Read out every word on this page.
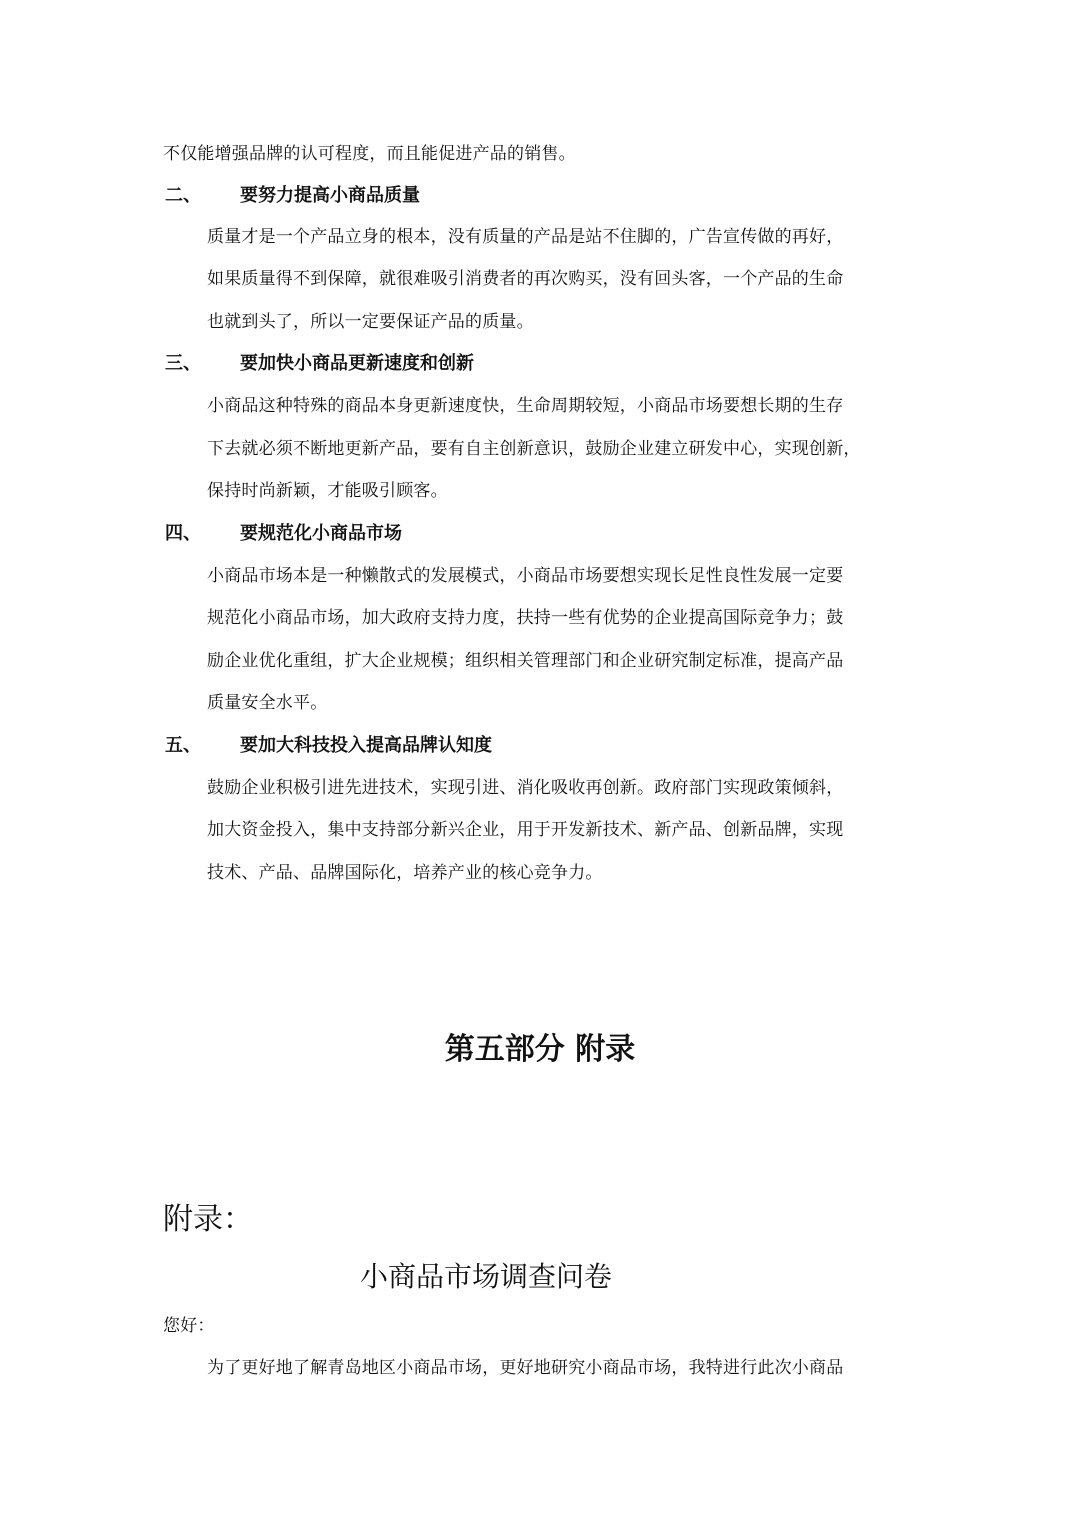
不仅能增强品牌的认可程度，而且能促进产品的销售。
二、 要努力提高小商品质量
质量才是一个产品立身的根本，没有质量的产品是站不住脚的，广告宣传做的再好，
如果质量得不到保障，就很难吸引消费者的再次购买，没有回头客，一个产品的生命
也就到头了，所以一定要保证产品的质量。
三、 要加快小商品更新速度和创新
小商品这种特殊的商品本身更新速度快，生命周期较短，小商品市场要想长期的生存
下去就必须不断地更新产品，要有自主创新意识，鼓励企业建立研发中心，实现创新，
保持时尚新颖，才能吸引顾客。
四、 要规范化小商品市场
小商品市场本是一种懒散式的发展模式，小商品市场要想实现长足性良性发展一定要
规范化小商品市场，加大政府支持力度，扶持一些有优势的企业提高国际竞争力；鼓
励企业优化重组，扩大企业规模；组织相关管理部门和企业研究制定标准，提高产品
质量安全水平。
五、 要加大科技投入提高品牌认知度
鼓励企业积极引进先进技术，实现引进、消化吸收再创新。政府部门实现政策倾斜，
加大资金投入，集中支持部分新兴企业，用于开发新技术、新产品、创新品牌，实现
技术、产品、品牌国际化，培养产业的核心竞争力。
第五部分 附录
附录：
小商品市场调查问卷
您好：
为了更好地了解青岛地区小商品市场，更好地研究小商品市场，我特进行此次小商品
